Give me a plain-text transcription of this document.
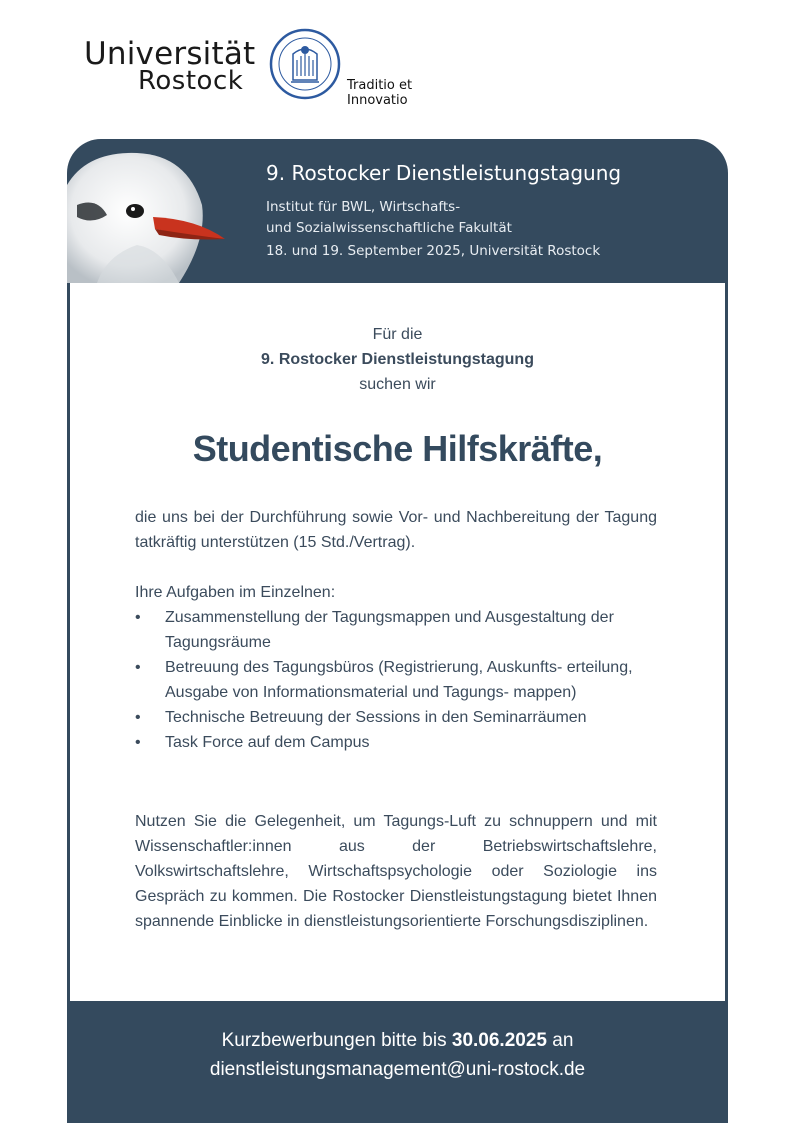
Universität
Rostock	Traditio et Innovatio
9. Rostocker Dienstleistungstagung
Institut für BWL, Wirtschafts-
und Sozialwissenschaftliche Fakultät
18. und 19. September 2025, Universität Rostock
Für die
9. Rostocker Dienstleistungstagung
suchen wir
Studentische Hilfskräfte,
die uns bei der Durchführung sowie Vor- und Nachbereitung der Tagung tatkräftig unterstützen (15 Std./Vertrag).
Ihre Aufgaben im Einzelnen:
• Zusammenstellung der Tagungsmappen und Ausgestaltung der Tagungsräume
• Betreuung des Tagungsbüros (Registrierung, Auskunfts- erteilung, Ausgabe von Informationsmaterial und Tagungs- mappen)
• Technische Betreuung der Sessions in den Seminarräumen
• Task Force auf dem Campus
Nutzen Sie die Gelegenheit, um Tagungs-Luft zu schnuppern und mit Wissenschaftler:innen aus der Betriebswirtschaftslehre, Volkswirtschaftslehre, Wirtschaftspsychologie oder Soziologie ins Gespräch zu kommen. Die Rostocker Dienstleistungstagung bietet Ihnen spannende Einblicke in dienstleistungsorientierte Forschungsdisziplinen.
Kurzbewerbungen bitte bis 30.06.2025 an
dienstleistungsmanagement@uni-rostock.de
